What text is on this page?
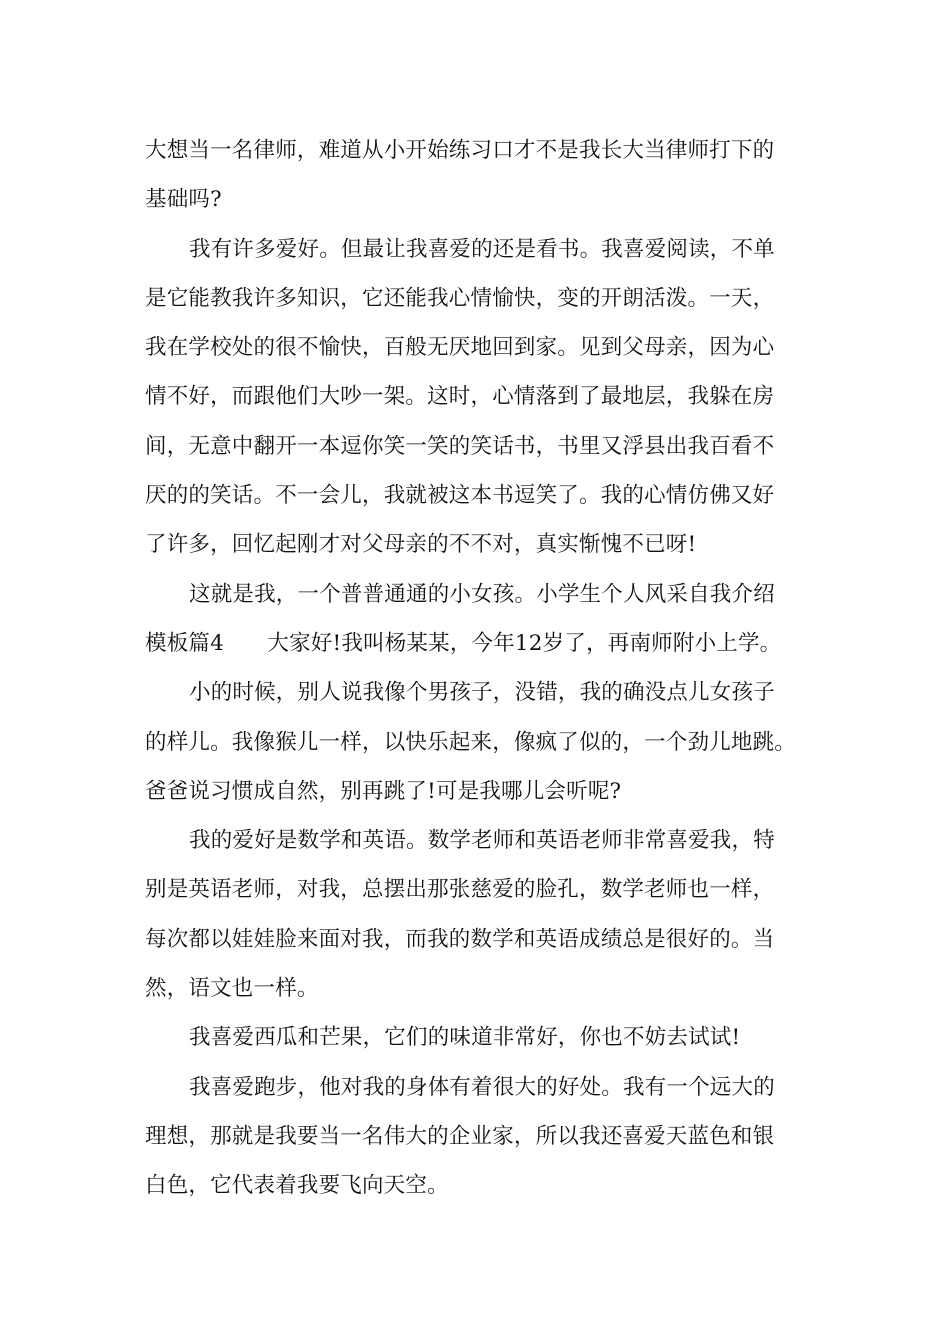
大想当一名律师，难道从小开始练习口才不是我长大当律师打下的
基础吗?
我有许多爱好。但最让我喜爱的还是看书。我喜爱阅读，不单
是它能教我许多知识，它还能我心情愉快，变的开朗活泼。一天，
我在学校处的很不愉快，百般无厌地回到家。见到父母亲，因为心
情不好，而跟他们大吵一架。这时，心情落到了最地层，我躲在房
间，无意中翻开一本逗你笑一笑的笑话书，书里又浮县出我百看不
厌的的笑话。不一会儿，我就被这本书逗笑了。我的心情仿佛又好
了许多，回忆起刚才对父母亲的不不对，真实惭愧不已呀!
这就是我，一个普普通通的小女孩。小学生个人风采自我介绍
模板篇4　　大家好!我叫杨某某，今年12岁了，再南师附小上学。
小的时候，别人说我像个男孩子，没错，我的确没点儿女孩子
的样儿。我像猴儿一样，以快乐起来，像疯了似的，一个劲儿地跳。
爸爸说习惯成自然，别再跳了!可是我哪儿会听呢?
我的爱好是数学和英语。数学老师和英语老师非常喜爱我，特
别是英语老师，对我，总摆出那张慈爱的脸孔，数学老师也一样，
每次都以娃娃脸来面对我，而我的数学和英语成绩总是很好的。当
然，语文也一样。
我喜爱西瓜和芒果，它们的味道非常好，你也不妨去试试!
我喜爱跑步，他对我的身体有着很大的好处。我有一个远大的
理想，那就是我要当一名伟大的企业家，所以我还喜爱天蓝色和银
白色，它代表着我要飞向天空。
